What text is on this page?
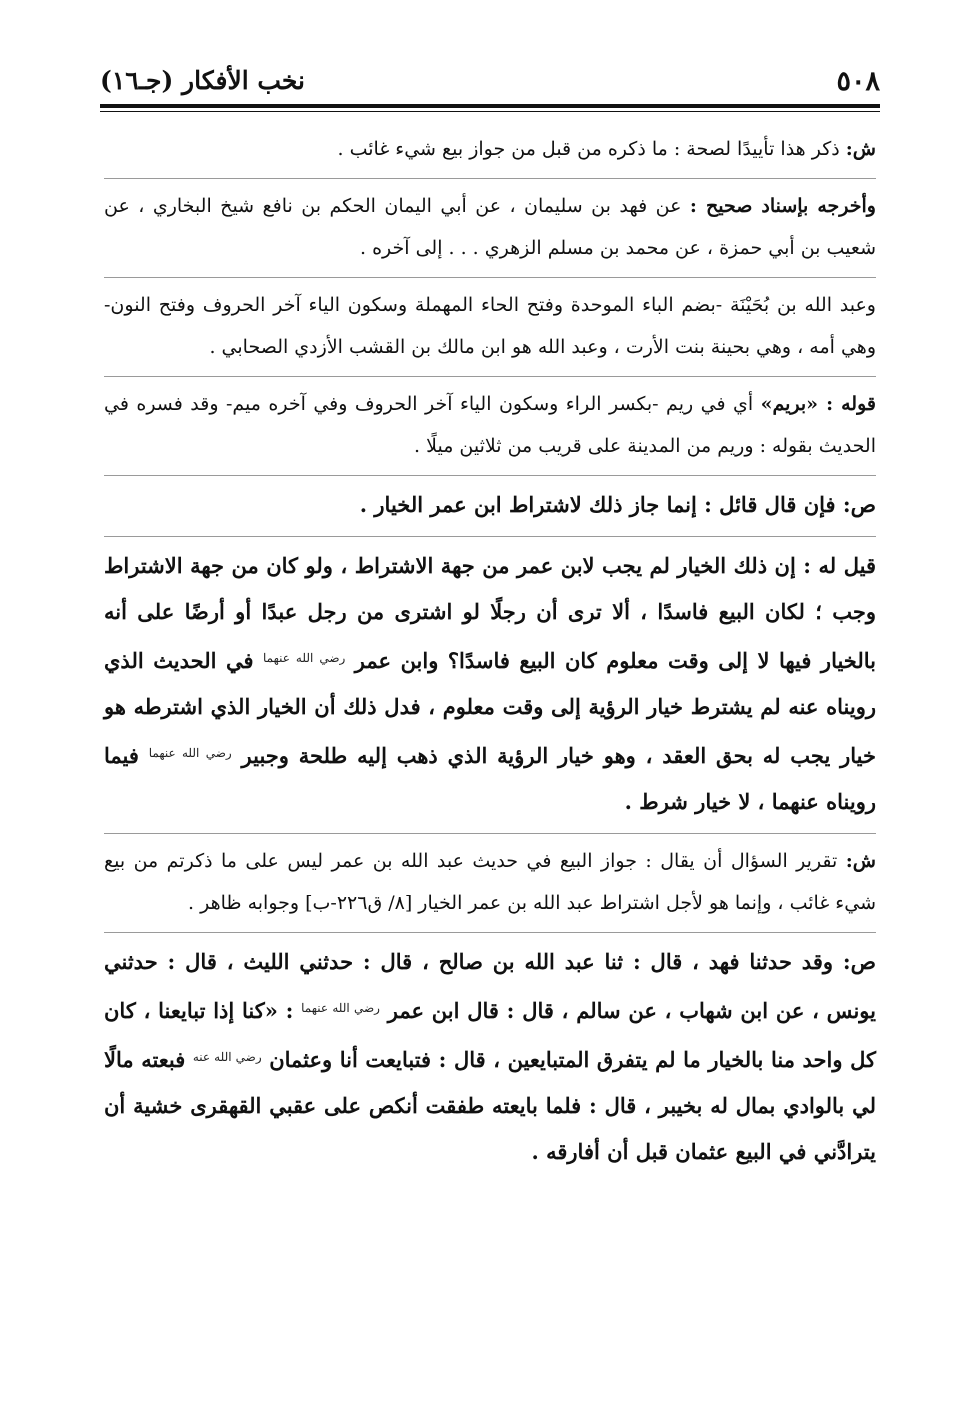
٥٠٨
نخب الأفكار (جـ١٦)

ش: ذكر هذا تأييدًا لصحة : ما ذكره من قبل من جواز بيع شيء غائب .

وأخرجه بإسناد صحيح : عن فهد بن سليمان ، عن أبي اليمان الحكم بن نافع شيخ البخاري ، عن شعيب بن أبي حمزة ، عن محمد بن مسلم الزهري . . . إلى آخره .

وعبد الله بن بُحَيْنَة -بضم الباء الموحدة وفتح الحاء المهملة وسكون الياء آخر الحروف وفتح النون- وهي أمه ، وهي بحينة بنت الأرت ، وعبد الله هو ابن مالك بن القشب الأزدي الصحابي .

قوله : «بريم» أي في ريم -بكسر الراء وسكون الياء آخر الحروف وفي آخره ميم- وقد فسره في الحديث بقوله : وريم من المدينة على قريب من ثلاثين ميلًا .

ص: فإن قال قائل : إنما جاز ذلك لاشتراط ابن عمر الخيار .

قيل له : إن ذلك الخيار لم يجب لابن عمر من جهة الاشتراط ، ولو كان من جهة الاشتراط وجب ؛ لكان البيع فاسدًا ، ألا ترى أن رجلًا لو اشترى من رجل عبدًا أو أرضًا على أنه بالخيار فيها لا إلى وقت معلوم كان البيع فاسدًا؟ وابن عمر $^{رضي الله عنهما}$ في الحديث الذي رويناه عنه لم يشترط خيار الرؤية إلى وقت معلوم ، فدل ذلك أن الخيار الذي اشترطه هو خيار يجب له بحق العقد ، وهو خيار الرؤية الذي ذهب إليه طلحة وجبير $^{رضي الله عنهما}$ فيما رويناه عنهما ، لا خيار شرط .

ش: تقرير السؤال أن يقال : جواز البيع في حديث عبد الله بن عمر ليس على ما ذكرتم من بيع شيء غائب ، وإنما هو لأجل اشتراط عبد الله بن عمر الخيار [٨/ ق٢٢٦-ب] وجوابه ظاهر .

ص: وقد حدثنا فهد ، قال : ثنا عبد الله بن صالح ، قال : حدثني الليث ، قال : حدثني يونس ، عن ابن شهاب ، عن سالم ، قال : قال ابن عمر $^{رضي الله عنهما}$ : «كنا إذا تبايعنا ، كان كل واحد منا بالخيار ما لم يتفرق المتبايعين ، قال : فتبايعت أنا وعثمان $^{رضي الله عنه}$ فبعته مالًا لي بالوادي بمال له بخيبر ، قال : فلما بايعته طفقت أنكص على عقبي القهقرى خشية أن يترادَّني في البيع عثمان قبل أن أفارقه .
